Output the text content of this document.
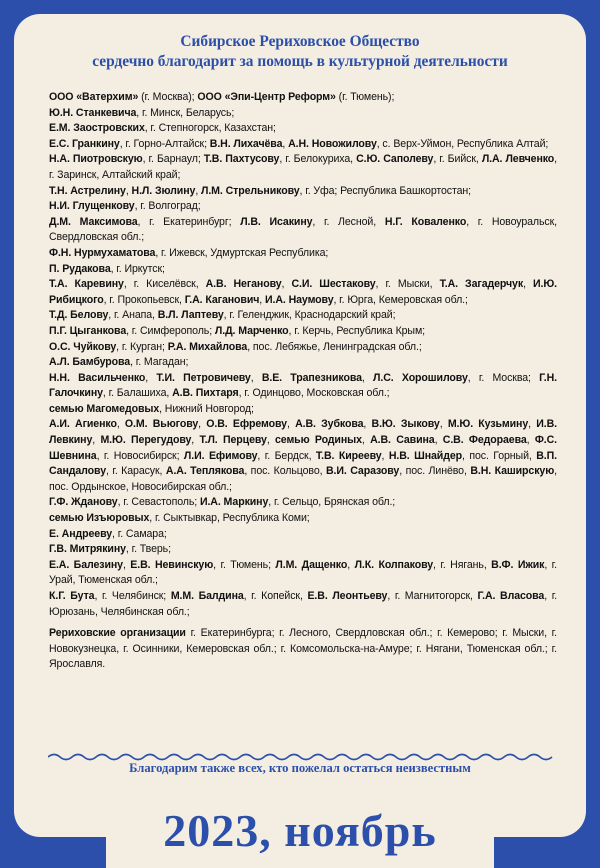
Сибирское Рериховское Общество
сердечно благодарит за помощь в культурной деятельности

ООО «Ватерхим» (г. Москва); ООО «Эпи-Центр Реформ» (г. Тюмень);

Ю.Н. Станкевича, г. Минск, Беларусь;

Е.М. Заостровских, г. Степногорск, Казахстан;

Е.С. Гранкину, г. Горно-Алтайск; В.Н. Лихачёва, А.Н. Новожилову, с. Верх-Уймон, Республика Алтай;

Н.А. Пиотровскую, г. Барнаул; Т.В. Пахтусову, г. Белокуриха, С.Ю. Саполеву, г. Бийск, Л.А. Левченко, г. Заринск, Алтайский край;

Т.Н. Астрелину, Н.Л. Зюлину, Л.М. Стрельникову, г. Уфа; Республика Башкортостан;

Н.И. Глущенкову, г. Волгоград;

Д.М. Максимова, г. Екатеринбург; Л.В. Исакину, г. Лесной, Н.Г. Коваленко, г. Новоуральск, Свердловская обл.;

Ф.Н. Нурмухаматова, г. Ижевск, Удмуртская Республика;

П. Рудакова, г. Иркутск;

Т.А. Каревину, г. Киселёвск, А.В. Неганову, С.И. Шестакову, г. Мыски, Т.А. Загадерчук, И.Ю. Рибицкого, г. Прокопьевск, Г.А. Каганович, И.А. Наумову, г. Юрга, Кемеровская обл.;

Т.Д. Белову, г. Анапа, В.Л. Лаптеву, г. Геленджик, Краснодарский край;

П.Г. Цыганкова, г. Симферополь; Л.Д. Марченко, г. Керчь, Республика Крым;

О.С. Чуйкову, г. Курган; Р.А. Михайлова, пос. Лебяжье, Ленинградская обл.;

А.Л. Бамбурова, г. Магадан;

Н.Н. Васильченко, Т.И. Петровичеву, В.Е. Трапезникова, Л.С. Хорошилову, г. Москва; Г.Н. Галочкину, г. Балашиха, А.В. Пихтаря, г. Одинцово, Московская обл.;

семью Магомедовых, Нижний Новгород;

А.И. Агиенко, О.М. Вьюгову, О.В. Ефремову, А.В. Зубкова, В.Ю. Зыкову, М.Ю. Кузьмину, И.В. Левкину, М.Ю. Перегудову, Т.Л. Перцеву, семью Родиных, А.В. Савина, С.В. Федораева, Ф.С. Шевнина, г. Новосибирск; Л.И. Ефимову, г. Бердск, Т.В. Киреeву, Н.В. Шнайдер, пос. Горный, В.П. Сандалову, г. Карасук, А.А. Теплякова, пос. Кольцово, В.И. Саразову, пос. Линёво, В.Н. Каширскую, пос. Ордынское, Новосибирская обл.;

Г.Ф. Жданову, г. Севастополь; И.А. Маркину, г. Сельцо, Брянская обл.;

семью Изъюровых, г. Сыктывкар, Республика Коми;

Е. Андрееву, г. Самара;

Г.В. Митрякину, г. Тверь;

Е.А. Балезину, Е.В. Невинскую, г. Тюмень; Л.М. Дащенко, Л.К. Колпакову, г. Нягань, В.Ф. Ижик, г. Урай, Тюменская обл.;

К.Г. Бута, г. Челябинск; М.М. Балдина, г. Копейск, Е.В. Леонтьеву, г. Магнитогорск, Г.А. Власова, г. Юрюзань, Челябинская обл.;

Рериховские организации г. Екатеринбурга; г. Лесного, Свердловская обл.; г. Кемерово; г. Мыски, г. Новокузнецка, г. Осинники, Кемеровская обл.; г. Комсомольска-на-Амуре; г. Нягани, Тюменская обл.; г. Ярославля.

Благодарим также всех, кто пожелал остаться неизвестным
2023, ноябрь
